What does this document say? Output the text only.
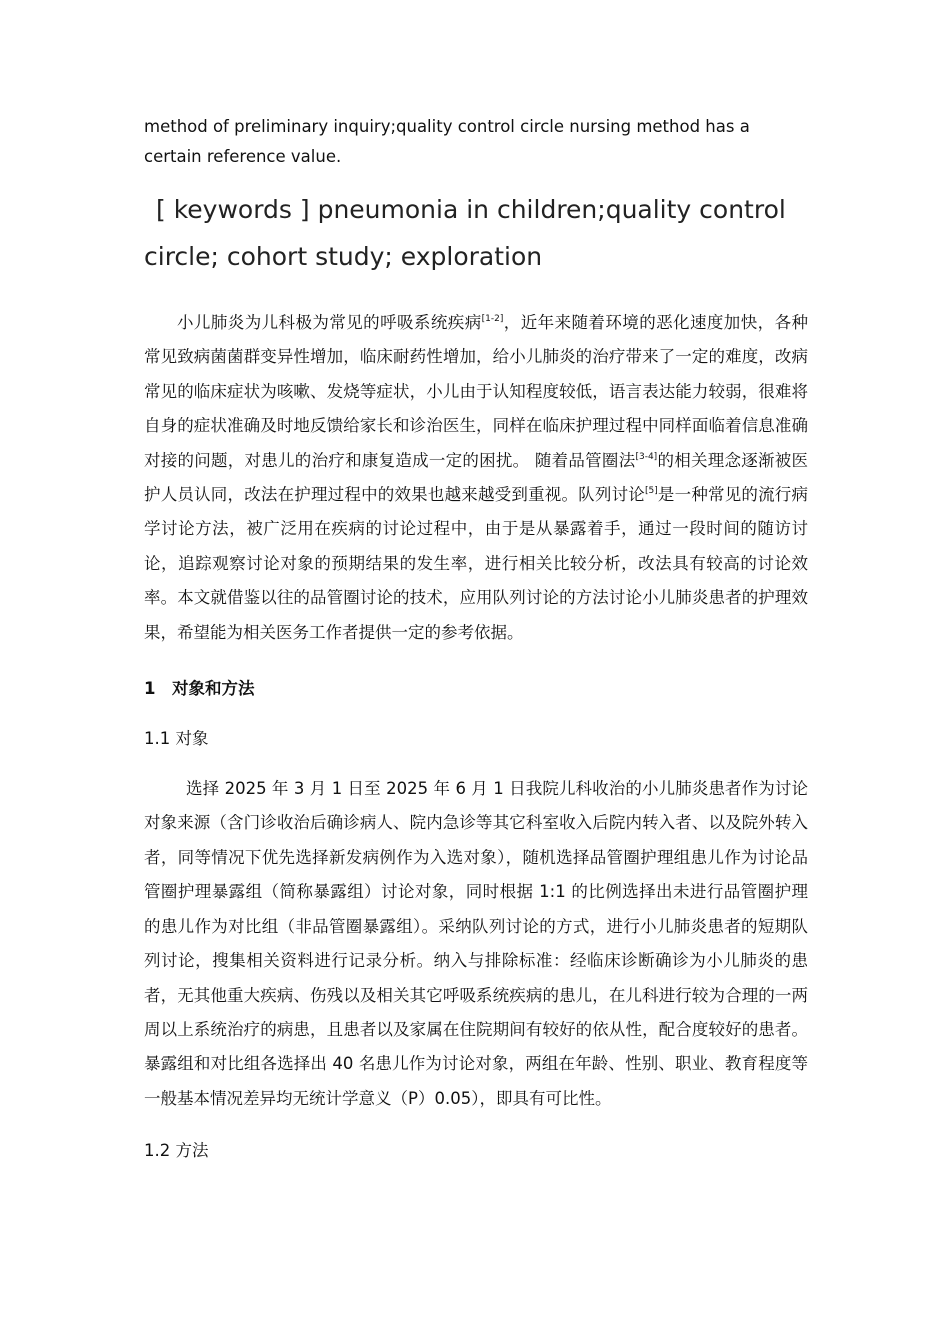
method of preliminary inquiry;quality control circle nursing method has a certain reference value.

[ keywords ] pneumonia in children;quality control circle; cohort study; exploration

小儿肺炎为儿科极为常见的呼吸系统疾病[1-2]，近年来随着环境的恶化速度加快，各种常见致病菌菌群变异性增加，临床耐药性增加，给小儿肺炎的治疗带来了一定的难度，改病常见的临床症状为咳嗽、发烧等症状，小儿由于认知程度较低，语言表达能力较弱，很难将自身的症状准确及时地反馈给家长和诊治医生，同样在临床护理过程中同样面临着信息准确对接的问题，对患儿的治疗和康复造成一定的困扰。 随着品管圈法[3-4]的相关理念逐渐被医护人员认同，改法在护理过程中的效果也越来越受到重视。队列讨论[5]是一种常见的流行病学讨论方法，被广泛用在疾病的讨论过程中，由于是从暴露着手，通过一段时间的随访讨论，追踪观察讨论对象的预期结果的发生率，进行相关比较分析，改法具有较高的讨论效率。本文就借鉴以往的品管圈讨论的技术，应用队列讨论的方法讨论小儿肺炎患者的护理效果，希望能为相关医务工作者提供一定的参考依据。

1 对象和方法

1.1 对象

选择 2025 年 3 月 1 日至 2025 年 6 月 1 日我院儿科收治的小儿肺炎患者作为讨论对象来源（含门诊收治后确诊病人、院内急诊等其它科室收入后院内转入者、以及院外转入者，同等情况下优先选择新发病例作为入选对象），随机选择品管圈护理组患儿作为讨论品管圈护理暴露组（简称暴露组）讨论对象，同时根据 1:1 的比例选择出未进行品管圈护理的患儿作为对比组（非品管圈暴露组）。采纳队列讨论的方式，进行小儿肺炎患者的短期队列讨论，搜集相关资料进行记录分析。纳入与排除标准：经临床诊断确诊为小儿肺炎的患者，无其他重大疾病、伤残以及相关其它呼吸系统疾病的患儿，在儿科进行较为合理的一两周以上系统治疗的病患，且患者以及家属在住院期间有较好的依从性，配合度较好的患者。暴露组和对比组各选择出 40 名患儿作为讨论对象，两组在年龄、性别、职业、教育程度等一般基本情况差异均无统计学意义（P）0.05），即具有可比性。

1.2 方法
